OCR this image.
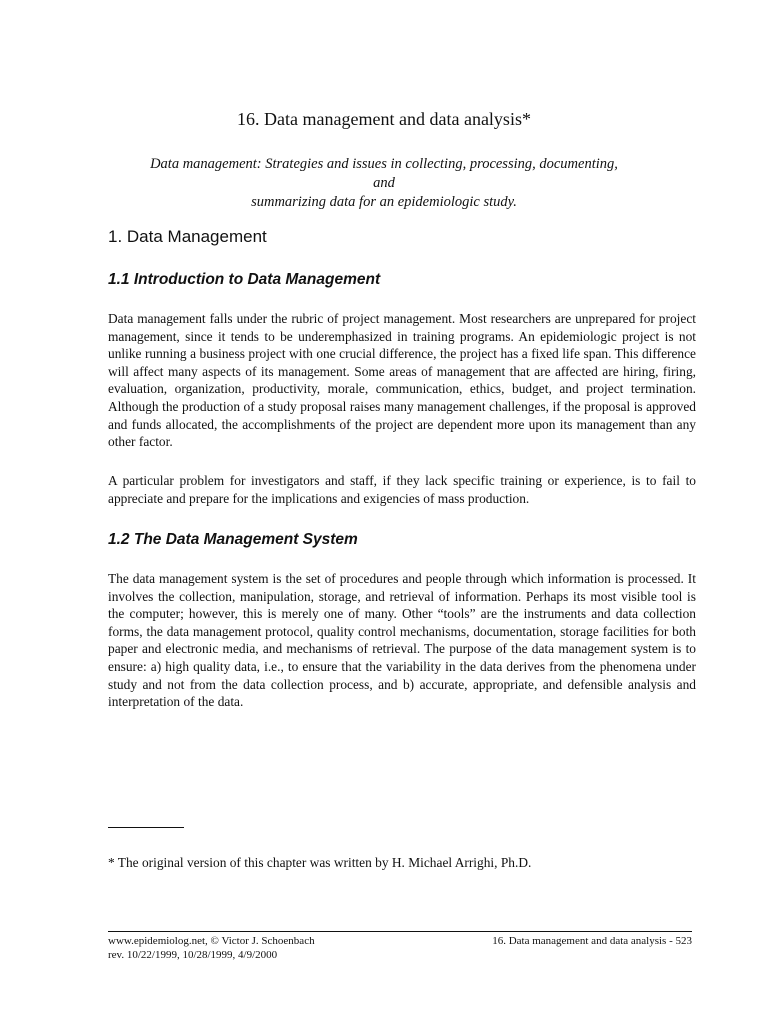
16. Data management and data analysis*
Data management: Strategies and issues in collecting, processing, documenting, and
summarizing data for an epidemiologic study.
1. Data Management
1.1 Introduction to Data Management

Data management falls under the rubric of project management. Most researchers are unprepared for project management, since it tends to be underemphasized in training programs. An epidemiologic project is not unlike running a business project with one crucial difference, the project has a fixed life span. This difference will affect many aspects of its management. Some areas of management that are affected are hiring, firing, evaluation, organization, productivity, morale, communication, ethics, budget, and project termination. Although the production of a study proposal raises many management challenges, if the proposal is approved and funds allocated, the accomplishments of the project are dependent more upon its management than any other factor.

A particular problem for investigators and staff, if they lack specific training or experience, is to fail to appreciate and prepare for the implications and exigencies of mass production.

1.2 The Data Management System

The data management system is the set of procedures and people through which information is processed. It involves the collection, manipulation, storage, and retrieval of information. Perhaps its most visible tool is the computer; however, this is merely one of many. Other “tools” are the instruments and data collection forms, the data management protocol, quality control mechanisms, documentation, storage facilities for both paper and electronic media, and mechanisms of retrieval. The purpose of the data management system is to ensure: a) high quality data, i.e., to ensure that the variability in the data derives from the phenomena under study and not from the data collection process, and b) accurate, appropriate, and defensible analysis and interpretation of the data.

* The original version of this chapter was written by H. Michael Arrighi, Ph.D.
www.epidemiolog.net, © Victor J. Schoenbach
rev. 10/22/1999, 10/28/1999, 4/9/2000
16. Data management and data analysis - 523
